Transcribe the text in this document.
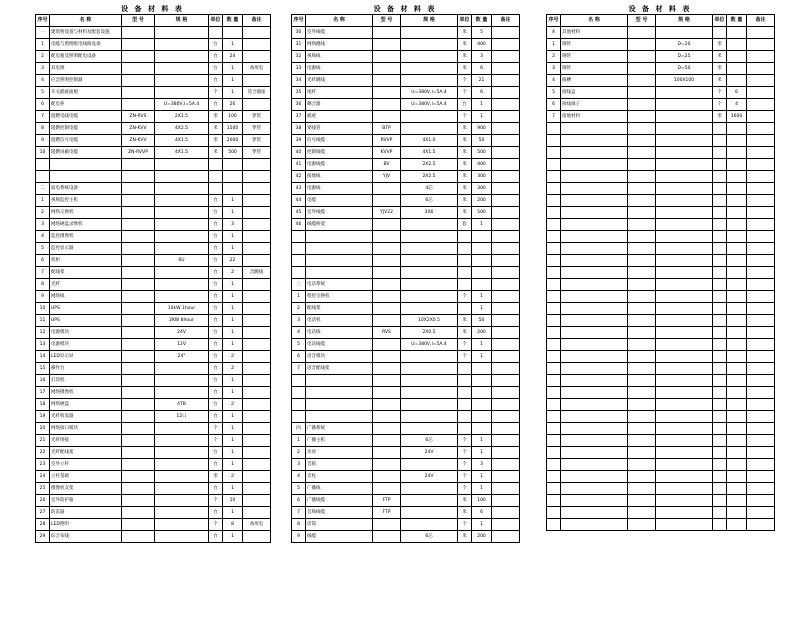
设 备 材 料 表
序号	名 称	型 号	规 格	单位	数 量	备注
一	建筑物设备与材料及配套设施					
1	电缆与照明配电线路设备			台	1	
2	配电箱及照明配电设备			台	24	
3	双电源			台	1	备用电
4	应急照明控制器			台	1	
5	开关插座面板			个	1	适合插座
6	配电柜		U=380V,I=5A.4	台	26	
7	阻燃电线电缆	ZN-RVS	2X1.5	米	100	穿管
8	阻燃控制电缆	ZN-KVV	4X2.5	米	1500	穿管
9	阻燃信号电缆	ZN-KVV	4X1.5	米	2000	穿管
10	阻燃屏蔽电缆	ZN-RVVP	4X1.5	米	500	穿管

二	弱电系统设备					
1	视频监控主机			台	1	
2	网络交换机			台	1	
3	网络硬盘录像机			台	3	
4	监控摄像机			台	1	
5	监控显示器			台	1	
6	机柜		6U	台	22	
7	配线架			台	2	含跳线
8	光纤			台	1	
9	网络线			台	1	
10	UPS		10kW 1hour	台	1	
11	UPS		2KW 8hour	台	1	
12	电源模块		24V	台	1	
13	电源模块		12V	台	1	
14	LED显示屏		24"	台	2	
15	操作台			台	2	
16	打印机			台	1	
17	网络摄像机			台	1	
18	网络硬盘		4TB	台	2	
19	光纤收发器		12口	台	1	
20	网络接口模块			个	1	
21	光纤熔接			个	1	
22	光纤配线架			台	1	
23	室外立杆			台	1	
24	立杆基础			米	2	
25	摄像机支架			台	1	
26	室外防护箱			个	10	
27	防雷器			台	1	
28	LED照明			个	8	备用电
29	综合布线			台	1	
设 备 材 料 表
序号	名 称	型 号	规 格	单位	数 量	备注
30	室外线缆			米	5	
31	网络跳线			米	400	
32	视频线			米	3	
33	电源线			米	6	
34	光纤跳线			个	21	
35	尾纤		U=380V,I=5A.4	个	6	
36	耦合器		U=380V,I=5A.4	台	1	
37	插座			个	1	
38	穿线管	BTP		米	900	
39	信号线缆	RVVP	4X1.0	米	50	
40	控制线缆	KVVP	4X1.5	米	500	
41	电源线缆	BV	2X2.5	米	400	
42	接地线	YJV	2X2.5	米	300	
43	电源线		4芯	米	300	
44	电缆		6芯	米	200	
45	室外线缆	YJV22	3X6	米	500	
46	线缆桥架			套	1	

三	电话系统					
1	程控交换机			个	1	
2	配线架				1	
3	电话机		10X2X0.5	米	50	
4	电话线	RVS	2X0.5	米	200	
5	电话线缆		U=380V,I=5A.4	个	1	
6	语音模块			个	1	
7	语音配线架					

四	广播系统					
1	广播主机		6芯	个	1	
2	功放		24V	个	1	
3	音箱			个	3	
4	音柱		24V	个	1	
5	广播线			个	1	
6	广播线缆	FTP		米	100	
7	音频线缆	FTP		米	6	
8	话筒			个	1	
9	线缆		6芯	米	200	
设 备 材 料 表
序号	名 称	型 号	规 格	单位	数 量	备注
A	其他材料					
1	钢管		D=20	米		
2	钢管		D=25	米		
3	钢管		D=50	米		
4	线槽		100X100	米		
5	接线盒			个	6	
6	接线端子			个	4	
7	接地材料			米	1600	
